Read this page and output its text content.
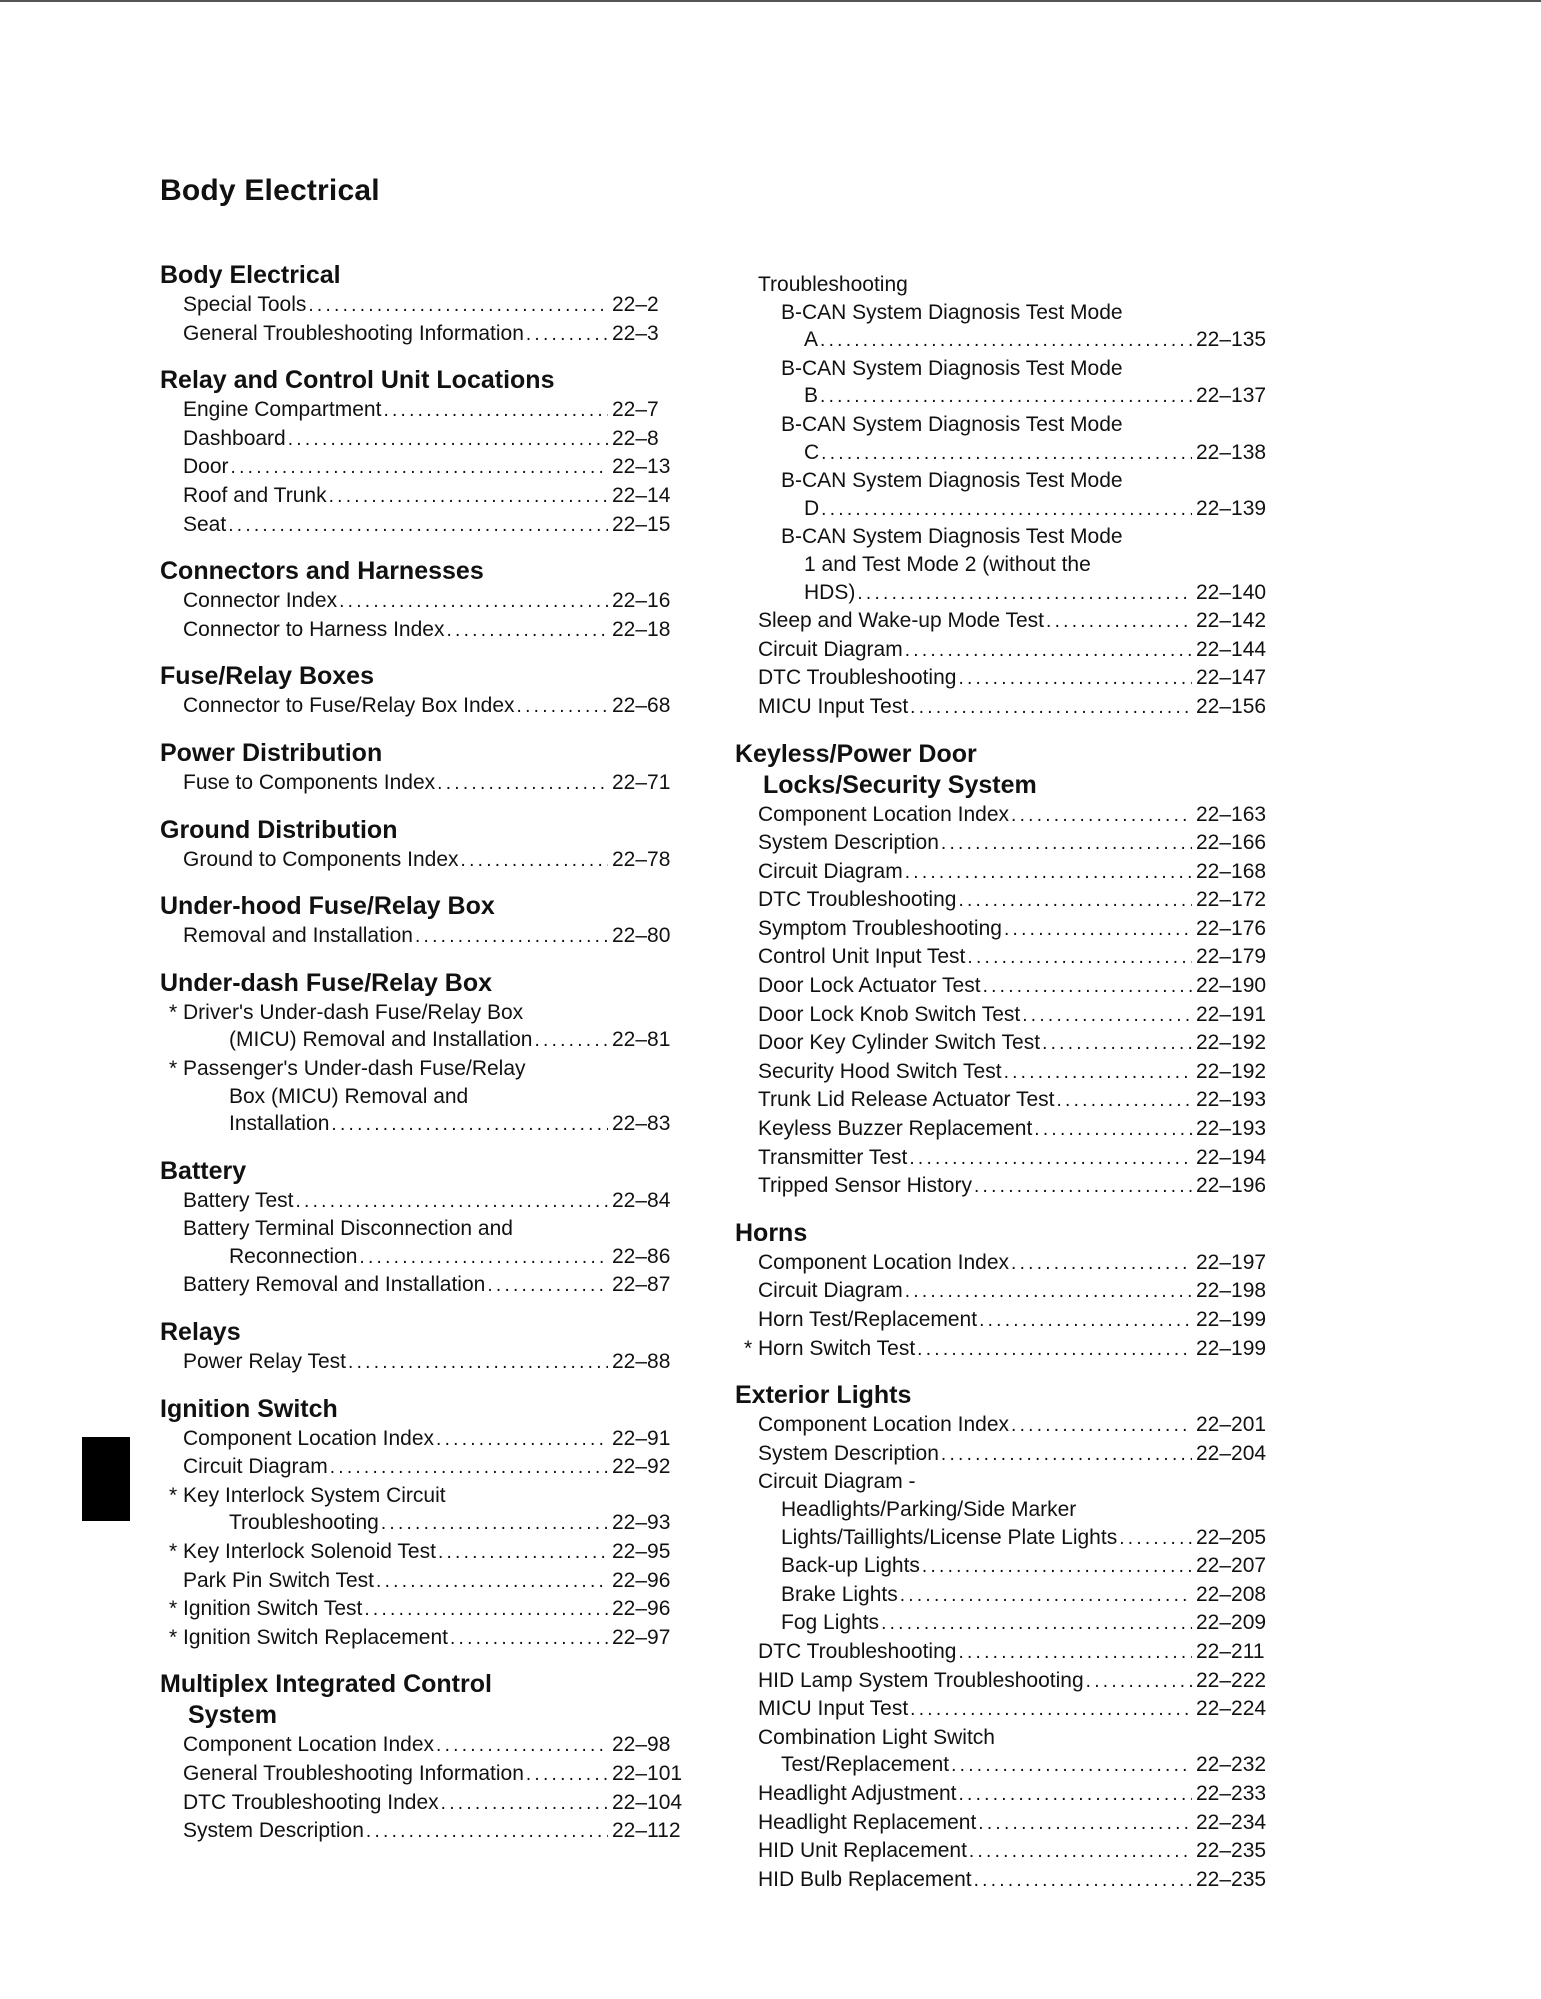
Body Electrical
Body Electrical
Special Tools . . .	22–2
General Troubleshooting Information . . .	22–3
Relay and Control Unit Locations
Engine Compartment . . .	22–7
Dashboard . . .	22–8
Door . . .	22–13
Roof and Trunk . . .	22–14
Seat . . .	22–15
Connectors and Harnesses
Connector Index . . .	22–16
Connector to Harness Index . . .	22–18
Fuse/Relay Boxes
Connector to Fuse/Relay Box Index . . .	22–68
Power Distribution
Fuse to Components Index . . .	22–71
Ground Distribution
Ground to Components Index . . .	22–78
Under-hood Fuse/Relay Box
Removal and Installation . . .	22–80
Under-dash Fuse/Relay Box
* Driver's Under-dash Fuse/Relay Box
(MICU) Removal and Installation . . .	22–81
* Passenger's Under-dash Fuse/Relay
Box (MICU) Removal and
Installation . . .	22–83
Battery
Battery Test . . .	22–84
Battery Terminal Disconnection and
Reconnection . . .	22–86
Battery Removal and Installation . . .	22–87
Relays
Power Relay Test . . .	22–88
Ignition Switch
Component Location Index . . .	22–91
Circuit Diagram . . .	22–92
* Key Interlock System Circuit
Troubleshooting . . .	22–93
* Key Interlock Solenoid Test . . .	22–95
Park Pin Switch Test . . .	22–96
* Ignition Switch Test . . .	22–96
* Ignition Switch Replacement . . .	22–97
Multiplex Integrated Control
System
Component Location Index . . .	22–98
General Troubleshooting Information . . .	22–101
DTC Troubleshooting Index . . .	22–104
System Description . . .	22–112
Troubleshooting
B-CAN System Diagnosis Test Mode
A . . .	22–135
B-CAN System Diagnosis Test Mode
B . . .	22–137
B-CAN System Diagnosis Test Mode
C . . .	22–138
B-CAN System Diagnosis Test Mode
D . . .	22–139
B-CAN System Diagnosis Test Mode
1 and Test Mode 2 (without the
HDS) . . .	22–140
Sleep and Wake-up Mode Test . . .	22–142
Circuit Diagram . . .	22–144
DTC Troubleshooting . . .	22–147
MICU Input Test . . .	22–156
Keyless/Power Door
Locks/Security System
Component Location Index . . .	22–163
System Description . . .	22–166
Circuit Diagram . . .	22–168
DTC Troubleshooting . . .	22–172
Symptom Troubleshooting . . .	22–176
Control Unit Input Test . . .	22–179
Door Lock Actuator Test . . .	22–190
Door Lock Knob Switch Test . . .	22–191
Door Key Cylinder Switch Test . . .	22–192
Security Hood Switch Test . . .	22–192
Trunk Lid Release Actuator Test . . .	22–193
Keyless Buzzer Replacement . . .	22–193
Transmitter Test . . .	22–194
Tripped Sensor History . . .	22–196
Horns
Component Location Index . . .	22–197
Circuit Diagram . . .	22–198
Horn Test/Replacement . . .	22–199
* Horn Switch Test . . .	22–199
Exterior Lights
Component Location Index . . .	22–201
System Description . . .	22–204
Circuit Diagram -
Headlights/Parking/Side Marker
Lights/Taillights/License Plate Lights . . .	22–205
Back-up Lights . . .	22–207
Brake Lights . . .	22–208
Fog Lights . . .	22–209
DTC Troubleshooting . . .	22–211
HID Lamp System Troubleshooting . . .	22–222
MICU Input Test . . .	22–224
Combination Light Switch
Test/Replacement . . .	22–232
Headlight Adjustment . . .	22–233
Headlight Replacement . . .	22–234
HID Unit Replacement . . .	22–235
HID Bulb Replacement . . .	22–235
